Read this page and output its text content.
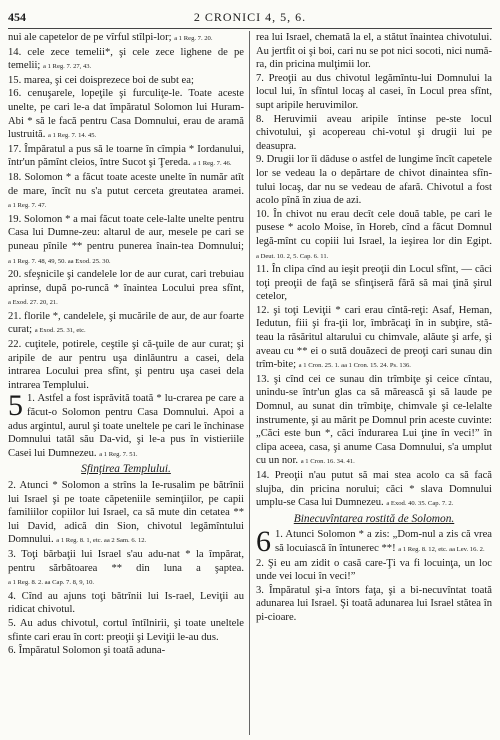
454	2 CRONICI 4, 5, 6.

nui ale capetelor de pe vîrful stîlpi-lor; a 1 Reg. 7. 20.

14. cele zece temelii*, şi cele zece lighene de pe temelii; a 1 Reg. 7. 27, 43.

15. marea, şi cei doisprezece boi de subt ea;

16. cenuşarele, lopeţile şi furculiţe-le. Toate aceste unelte, pe cari le-a dat împăratul Solomon lui Huram-Abi * să le facă pentru Casa Domnului, erau de aramă lustruită. a 1 Reg. 7. 14. 45.

17. Împăratul a pus să le toarne în cîmpia * Iordanului, într'un pămînt cleios, între Sucot şi Ţereda. a 1 Reg. 7. 46.

18. Solomon * a făcut toate aceste unelte în număr atît de mare, încît nu s'a putut cerceta greutatea aramei. a 1 Reg. 7. 47.

19. Solomon * a mai făcut toate cele-lalte unelte pentru Casa lui Dumne-zeu: altarul de aur, mesele pe cari se puneau pînile ** pentru punerea înain-tea Domnului; a 1 Reg. 7. 48, 49, 50. aa Exod. 25. 30.

20. sfeşnicile şi candelele lor de aur curat, cari trebuiau aprinse, după po-runcă * înaintea Locului prea sfînt, a Exod. 27. 20, 21.

21. florile *, candelele, şi mucările de aur, de aur foarte curat; a Exod. 25. 31, etc.

22. cuţitele, potirele, ceştile şi că-ţuile de aur curat; şi aripile de aur pentru uşa dinlăuntru a casei, dela intrarea Locului prea sfînt, şi pentru uşa casei dela intrarea Templului.

5 1. Astfel a fost isprăvită toată * lu-crarea pe care a făcut-o Solomon pentru Casa Domnului. Apoi a adus argintul, aurul şi toate uneltele pe cari le închinase Domnului tatăl său Da-vid, şi le-a pus în vistieriile Casei lui Dumnezeu. a 1 Reg. 7. 51.

Sfinţirea Templului.

2. Atunci * Solomon a strîns la Ie-rusalim pe bătrînii lui Israel şi pe toate căpeteniile seminţiilor, pe capii familiilor copiilor lui Israel, ca să mute din cetatea ** lui David, adică din Sion, chivotul legămîntului Domnului. a 1 Reg. 8. 1, etc. aa 2 Sam. 6. 12.

3. Toţi bărbaţii lui Israel s'au adu-nat * la împărat, pentru sărbătoarea ** din luna a şaptea. a 1 Reg. 8. 2. aa Cap. 7. 8, 9, 10.

4. Cînd au ajuns toţi bătrînii lui Is-rael, Leviţii au ridicat chivotul.

5. Au adus chivotul, cortul întîlnirii, şi toate uneltele sfinte cari erau în cort: preoţii şi Leviţii le-au dus.

6. Împăratul Solomon şi toată aduna-

rea lui Israel, chemată la el, a stătut înaintea chivotului. Au jertfit oi şi boi, cari nu se pot nici socoti, nici numă-ra, din pricina mulţimii lor.

7. Preoţii au dus chivotul legămîntu-lui Domnului la locul lui, în sfîntul locaş al casei, în Locul prea sfînt, supt aripile heruvimilor.

8. Heruvimii aveau aripile întinse pe-ste locul chivotului, şi acopereau chi-votul şi drugii lui pe deasupra.

9. Drugii lor îi dăduse o astfel de lungime încît capetele lor se vedeau la o depărtare de chivot dinaintea sfîn-tului locaş, dar nu se vedeau de afară. Chivotul a fost acolo pînă în ziua de azi.

10. În chivot nu erau decît cele două table, pe cari le pusese * acolo Moise, în Horeb, cînd a făcut Domnul legă-mînt cu copiii lui Israel, la ieşirea lor din Egipt. a Deut. 10. 2, 5. Cap. 6. 11.

11. În clipa cînd au ieşit preoţii din Locul sfînt, — căci toţi preoţii de faţă se sfinţiseră fără să mai ţină şirul cetelor,

12. şi toţi Leviţii * cari erau cîntă-reţi: Asaf, Heman, Iedutun, fiii şi fra-ţii lor, îmbrăcaţi în in subţire, stă-teau la răsăritul altarului cu chimvale, alăute şi arfe, şi aveau cu ** ei o sută douăzeci de preoţi cari sunau din trîm-bite; a 1 Cron. 25. 1. aa 1 Cron. 15. 24. Ps. 136.

13. şi cînd cei ce sunau din trîmbiţe şi ceice cîntau, unindu-se într'un glas ca să mărească şi să laude pe Domnul, au sunat din trîmbiţe, chimvale şi ce-lelalte instrumente, şi au mărit pe Domnul prin aceste cuvinte: „Căci este bun *, căci îndurarea Lui ţine în veci!” în clipa aceea, casa, şi anume Casa Domnului, s'a umplut cu un nor. a 1 Cron. 16. 34. 41.

14. Preoţii n'au putut să mai stea acolo ca să facă slujba, din pricina norului; căci * slava Domnului umplu-se Casa lui Dumnezeu. a Exod. 40. 35. Cap. 7. 2.

Binecuvîntarea rostită de Solomon.

6 1. Atunci Solomon * a zis: „Dom-nul a zis că vrea să locuiască în întunerec **! a 1 Reg. 8. 12, etc. aa Lev. 16. 2.

2. Şi eu am zidit o casă care-Ţi va fi locuinţa, un loc unde vei locui în veci!”

3. Împăratul şi-a întors faţa, şi a bi-necuvîntat toată adunarea lui Israel. Şi toată adunarea lui Israel stătea în pi-cioare.
